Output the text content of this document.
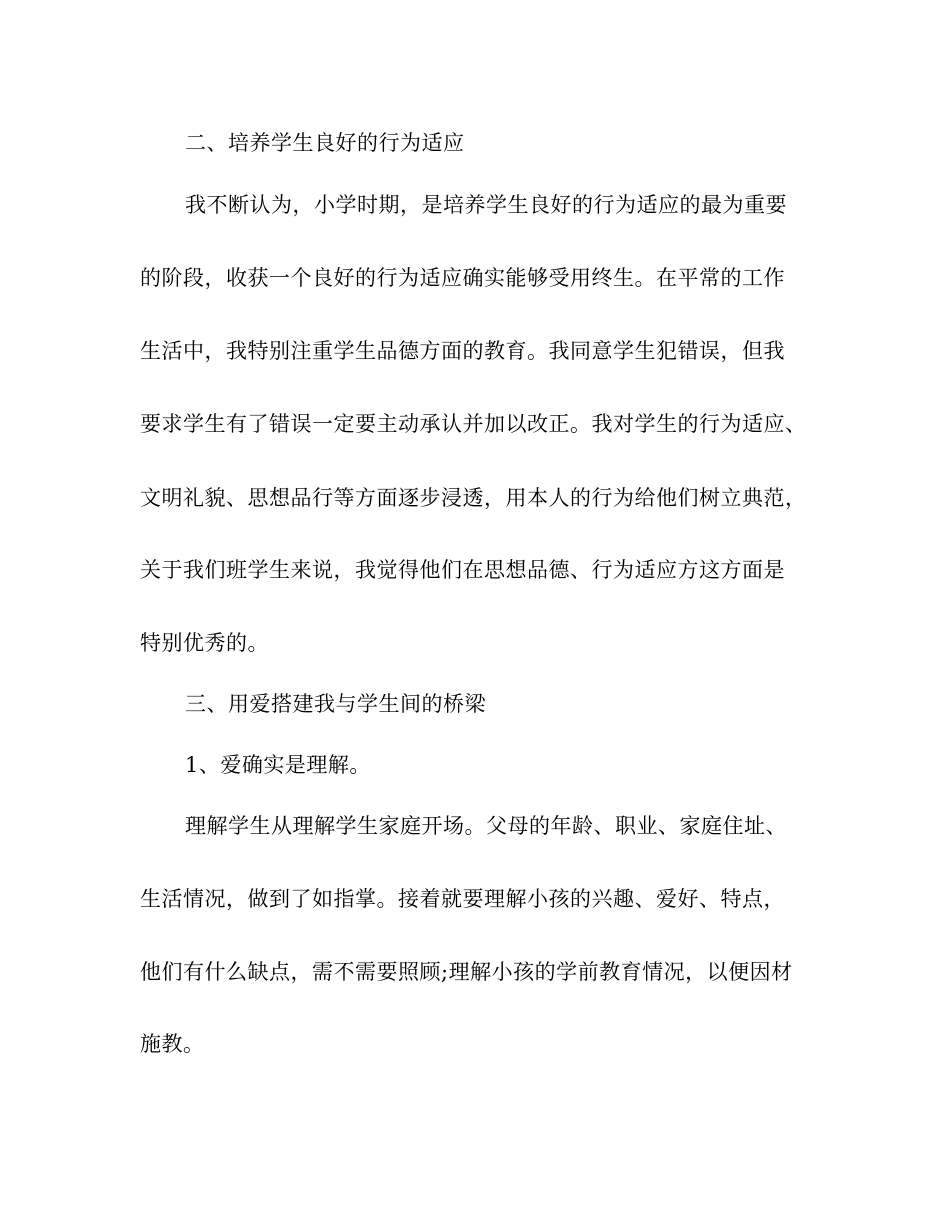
二、培养学生良好的行为适应
我不断认为，小学时期，是培养学生良好的行为适应的最为重要
的阶段，收获一个良好的行为适应确实能够受用终生。在平常的工作
生活中，我特别注重学生品德方面的教育。我同意学生犯错误，但我
要求学生有了错误一定要主动承认并加以改正。我对学生的行为适应、
文明礼貌、思想品行等方面逐步浸透，用本人的行为给他们树立典范，
关于我们班学生来说，我觉得他们在思想品德、行为适应方这方面是
特别优秀的。
三、用爱搭建我与学生间的桥梁
1、爱确实是理解。
理解学生从理解学生家庭开场。父母的年龄、职业、家庭住址、
生活情况，做到了如指掌。接着就要理解小孩的兴趣、爱好、特点，
他们有什么缺点，需不需要照顾;理解小孩的学前教育情况，以便因材
施教。
